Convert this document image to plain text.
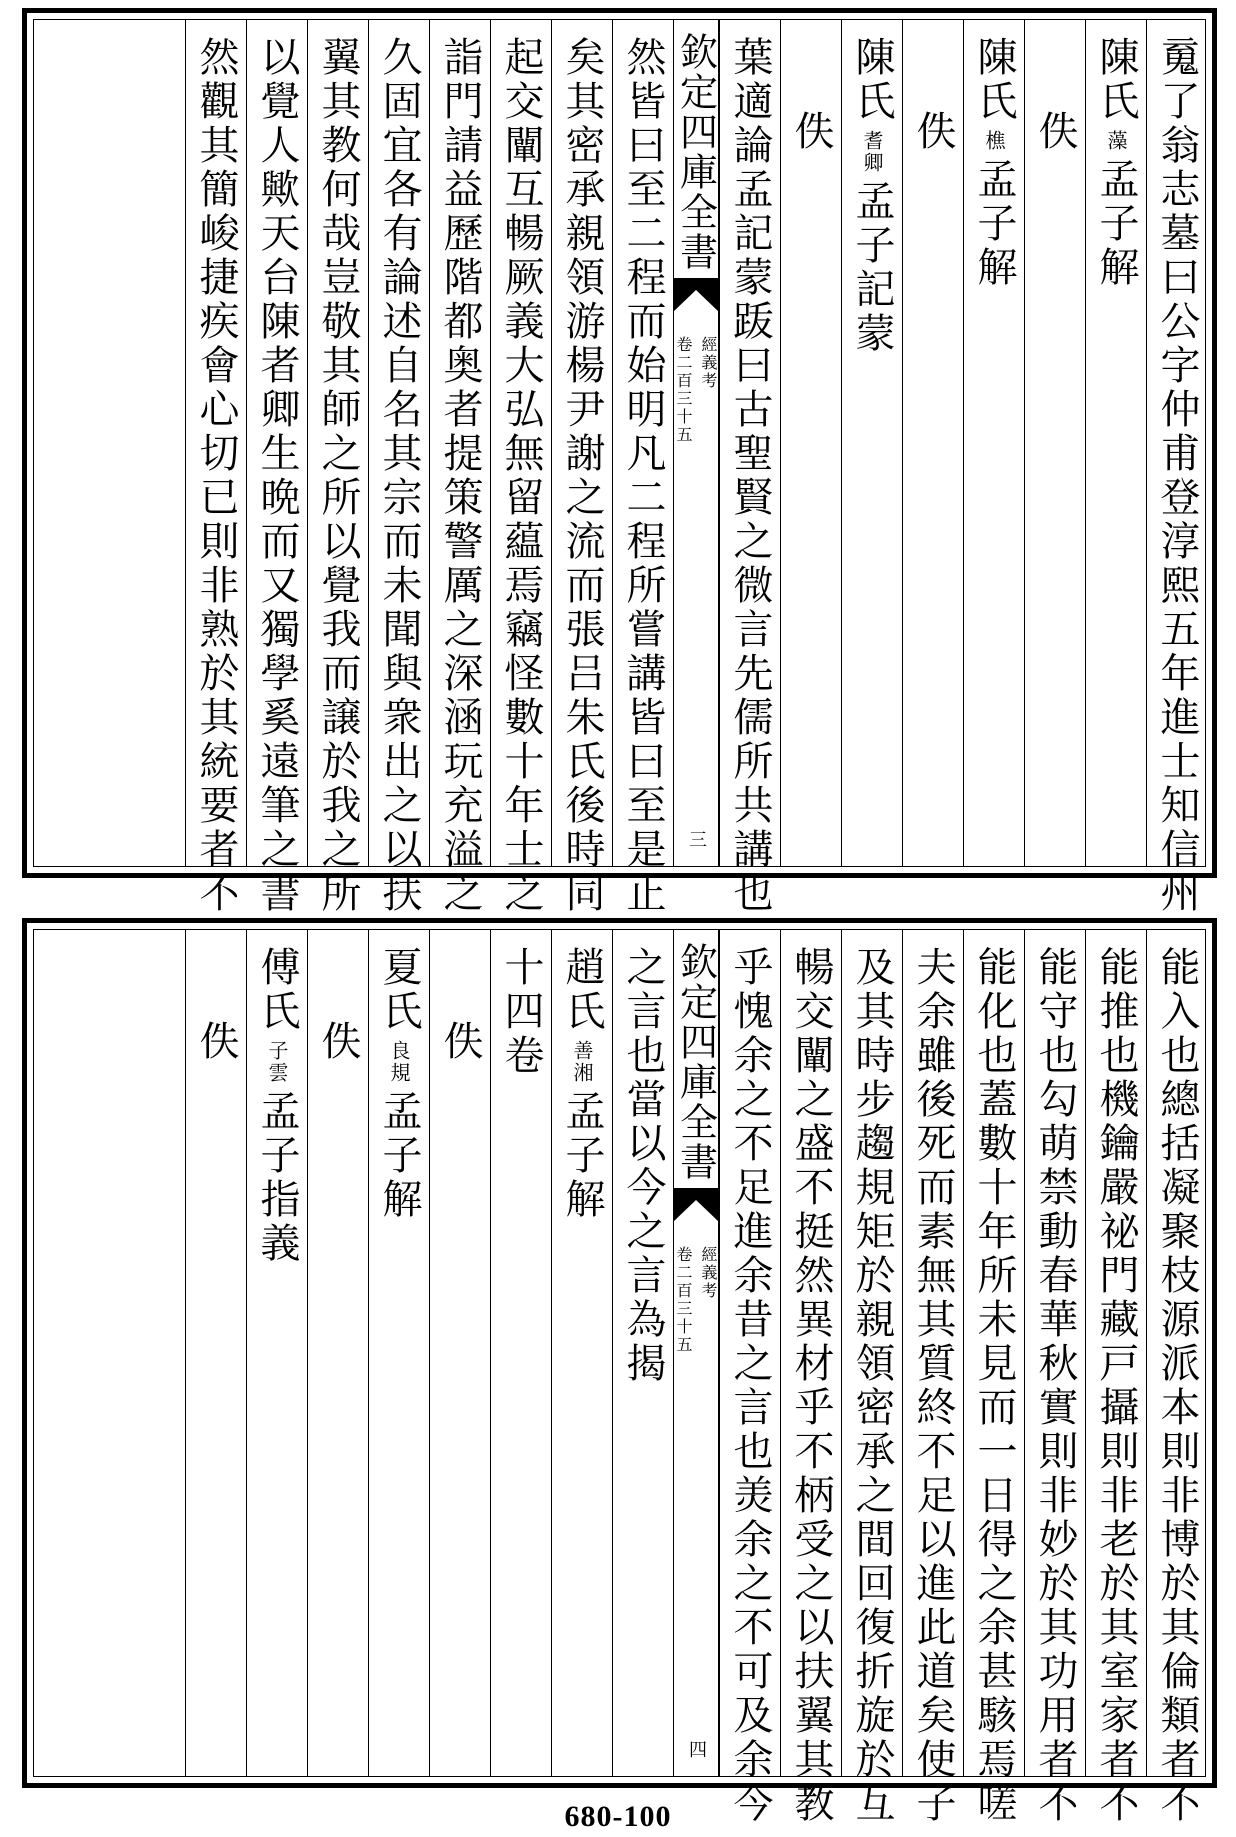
䰟了翁志墓曰公字仲甫登淳熙五年進士知信州
陳氏
藻
孟子解
佚
陳氏
樵
孟子解
佚
陳氏
耆卿
孟子記蒙
佚
葉適論孟記蒙䟦曰古聖賢之微言先儒所共講也
欽定四庫全書
經義考
卷二百三十五
三
然皆曰至二程而始明凡二程所嘗講皆曰至是止
矣其密承親領游楊尹謝之流而張吕朱氏後時同
起交闡互暢厥義大弘無留藴焉竊怪數十年士之
詣門請益歷階都奥者提策警厲之深涵玩充溢之
久固宜各有論述自名其宗而未聞與衆出之以扶
翼其教何哉豈敬其師之所以覺我而譲於我之所
以覺人歟天台陳者卿生晩而又獨學奚遠筆之書
然觀其簡峻捷疾會心切已則非熟於其統要者不
能入也總括凝聚枝源派本則非博於其倫類者不
能推也機鑰嚴祕門藏戸攝則非老於其室家者不
能守也勾萌禁動春華秋實則非妙於其功用者不
能化也蓋數十年所未見而一日得之余甚駭焉嗟
夫余雖後死而素無其質終不足以進此道矣使子
及其時步趨規矩於親領密承之間回復折旋於互
暢交闡之盛不挺然異材乎不柄受之以扶翼其教
乎愧余之不足進余昔之言也羙余之不可及余今
欽定四庫全書
經義考
卷二百三十五
四
之言也當以今之言為揭
趙氏
善湘
孟子解
十四卷
佚
夏氏
良規
孟子解
佚
傅氏
子雲
孟子指義
佚
680-100
